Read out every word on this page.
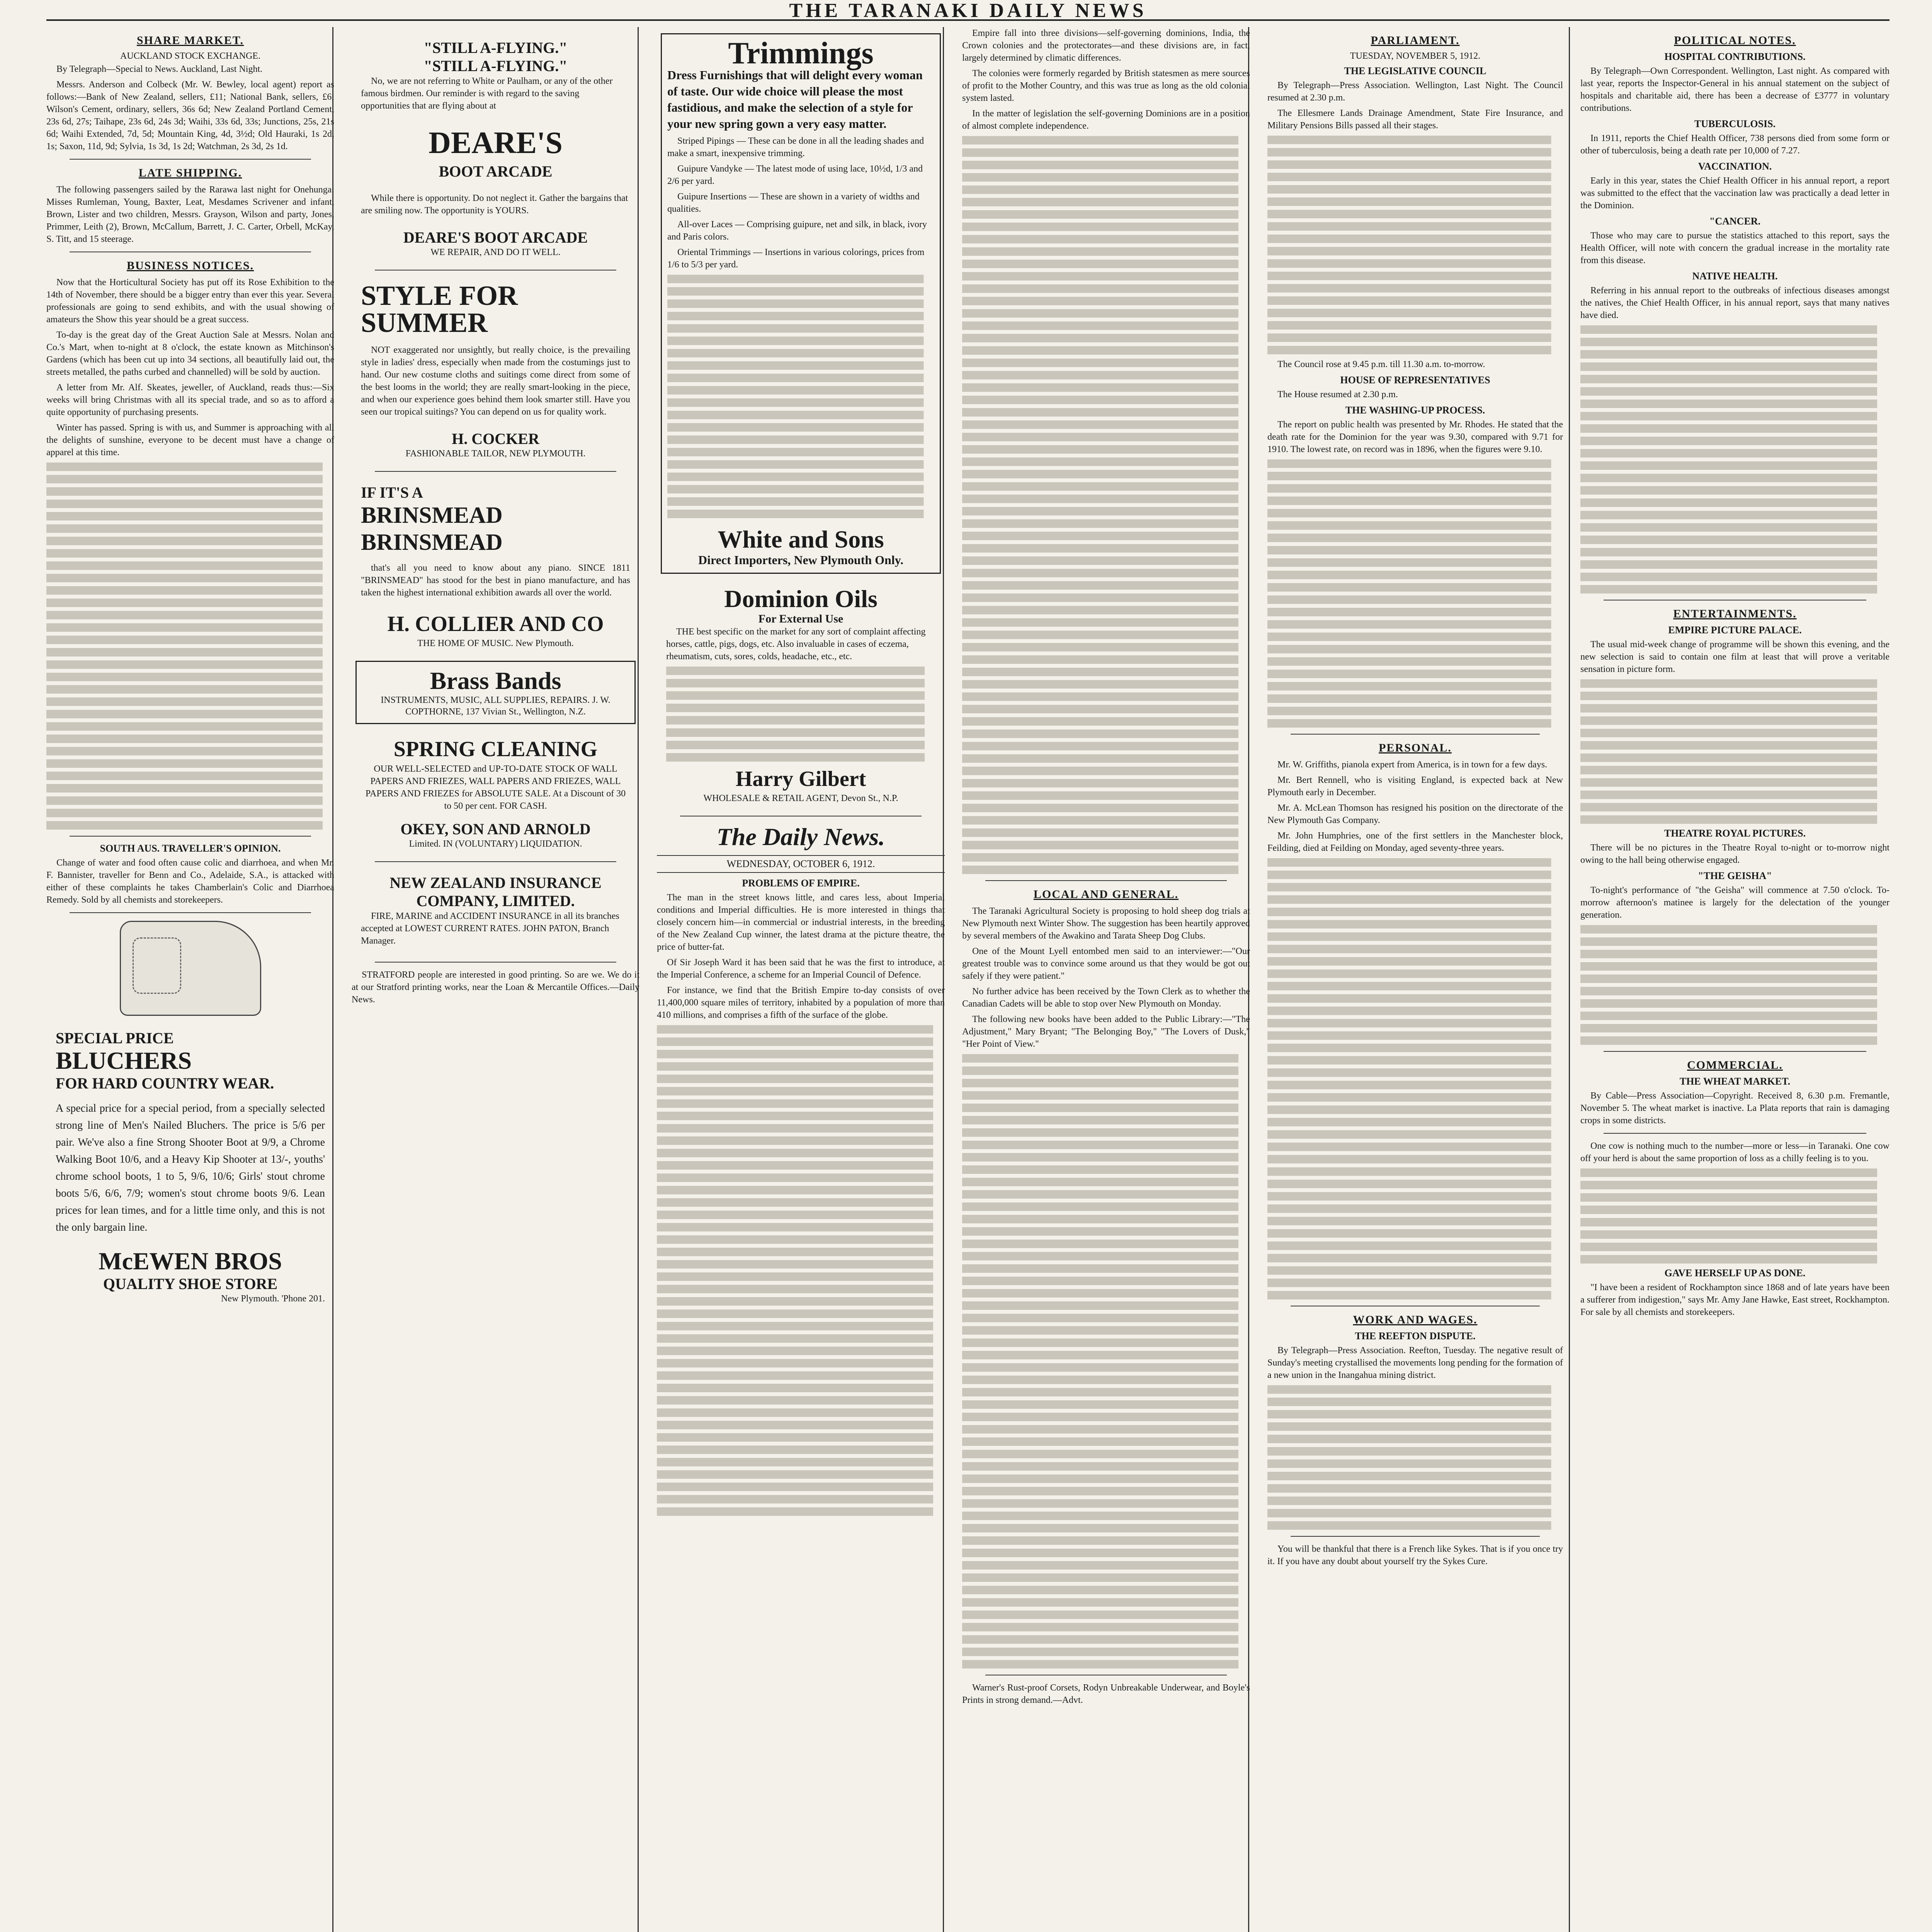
THE TARANAKI DAILY NEWS
SHARE MARKET.
AUCKLAND STOCK EXCHANGE.

By Telegraph—Special to News. Auckland, Last Night.

Messrs. Anderson and Colbeck (Mr. W. Bewley, local agent) report as follows:—Bank of New Zealand, sellers, £11; National Bank, sellers, £6; Wilson's Cement, ordinary, sellers, 36s 6d; New Zealand Portland Cement, 23s 6d, 27s; Taihape, 23s 6d, 24s 3d; Waihi, 33s 6d, 33s; Junctions, 25s, 21s 6d; Waihi Extended, 7d, 5d; Mountain King, 4d, 3½d; Old Hauraki, 1s 2d, 1s; Saxon, 11d, 9d; Sylvia, 1s 3d, 1s 2d; Watchman, 2s 3d, 2s 1d.

LATE SHIPPING.

The following passengers sailed by the Rarawa last night for Onehunga: Misses Rumleman, Young, Baxter, Leat, Mesdames Scrivener and infant, Brown, Lister and two children, Messrs. Grayson, Wilson and party, Jones, Primmer, Leith (2), Brown, McCallum, Barrett, J. C. Carter, Orbell, McKay, S. Titt, and 15 steerage.

BUSINESS NOTICES.

Now that the Horticultural Society has put off its Rose Exhibition to the 14th of November, there should be a bigger entry than ever this year. Several professionals are going to send exhibits, and with the usual showing of amateurs the Show this year should be a great success.

To-day is the great day of the Great Auction Sale at Messrs. Nolan and Co.'s Mart, when to-night at 8 o'clock, the estate known as Mitchinson's Gardens (which has been cut up into 34 sections, all beautifully laid out, the streets metalled, the paths curbed and channelled) will be sold by auction.

A letter from Mr. Alf. Skeates, jeweller, of Auckland, reads thus:—Six weeks will bring Christmas with all its special trade, and so as to afford a quite opportunity of purchasing presents.

Winter has passed. Spring is with us, and Summer is approaching with all the delights of sunshine, everyone to be decent must have a change of apparel at this time.

SOUTH AUS. TRAVELLER'S OPINION.

Change of water and food often cause colic and diarrhoea, and when Mr. F. Bannister, traveller for Benn and Co., Adelaide, S.A., is attacked with either of these complaints he takes Chamberlain's Colic and Diarrhoea Remedy. Sold by all chemists and storekeepers.

SPECIAL PRICE
BLUCHERS
FOR HARD COUNTRY WEAR.

A special price for a special period, from a specially selected strong line of Men's Nailed Bluchers. The price is 5/6 per pair. We've also a fine Strong Shooter Boot at 9/9, a Chrome Walking Boot 10/6, and a Heavy Kip Shooter at 13/-, youths' chrome school boots, 1 to 5, 9/6, 10/6; Girls' stout chrome boots 5/6, 6/6, 7/9; women's stout chrome boots 9/6. Lean prices for lean times, and for a little time only, and this is not the only bargain line.

McEWEN BROS
QUALITY SHOE STORE
New Plymouth. 'Phone 201.
"STILL A-FLYING."
"STILL A-FLYING."

No, we are not referring to White or Paulham, or any of the other famous birdmen. Our reminder is with regard to the saving opportunities that are flying about at

DEARE'S
BOOT ARCADE

While there is opportunity. Do not neglect it. Gather the bargains that are smiling now. The opportunity is YOURS.

DEARE'S BOOT ARCADE
WE REPAIR, AND DO IT WELL.
STYLE FOR SUMMER

NOT exaggerated nor unsightly, but really choice, is the prevailing style in ladies' dress, especially when made from the costumings just to hand. Our new costume cloths and suitings come direct from some of the best looms in the world; they are really smart-looking in the piece, and when our experience goes behind them look smarter still. Have you seen our tropical suitings? You can depend on us for quality work.

H. COCKER
FASHIONABLE TAILOR, NEW PLYMOUTH.
IF IT'S A
BRINSMEAD BRINSMEAD

that's all you need to know about any piano. SINCE 1811 "BRINSMEAD" has stood for the best in piano manufacture, and has taken the highest international exhibition awards all over the world.

H. COLLIER AND CO
THE HOME OF MUSIC. New Plymouth.
Brass Bands
INSTRUMENTS, MUSIC, ALL SUPPLIES, REPAIRS. J. W. COPTHORNE, 137 Vivian St., Wellington, N.Z.
SPRING CLEANING

OUR WELL-SELECTED and UP-TO-DATE STOCK OF WALL PAPERS AND FRIEZES, WALL PAPERS AND FRIEZES, WALL PAPERS AND FRIEZES for ABSOLUTE SALE. At a Discount of 30 to 50 per cent. FOR CASH.

OKEY, SON AND ARNOLD
Limited. IN (VOLUNTARY) LIQUIDATION.
NEW ZEALAND INSURANCE COMPANY, LIMITED.

FIRE, MARINE and ACCIDENT INSURANCE in all its branches accepted at LOWEST CURRENT RATES. JOHN PATON, Branch Manager.

STRATFORD people are interested in good printing. So are we. We do it at our Stratford printing works, near the Loan & Mercantile Offices.—Daily News.

Trimmings

Dress Furnishings that will delight every woman of taste. Our wide choice will please the most fastidious, and make the selection of a style for your new spring gown a very easy matter.

Striped Pipings — These can be done in all the leading shades and make a smart, inexpensive trimming.

Guipure Vandyke — The latest mode of using lace, 10½d, 1/3 and 2/6 per yard.

Guipure Insertions — These are shown in a variety of widths and qualities.

All-over Laces — Comprising guipure, net and silk, in black, ivory and Paris colors.

Oriental Trimmings — Insertions in various colorings, prices from 1/6 to 5/3 per yard.

White and Sons
Direct Importers, New Plymouth Only.
Dominion Oils
For External Use

THE best specific on the market for any sort of complaint affecting horses, cattle, pigs, dogs, etc. Also invaluable in cases of eczema, rheumatism, cuts, sores, colds, headache, etc., etc.

Harry Gilbert
WHOLESALE & RETAIL AGENT, Devon St., N.P.
The Daily News.
WEDNESDAY, OCTOBER 6, 1912.
PROBLEMS OF EMPIRE.

The man in the street knows little, and cares less, about Imperial conditions and Imperial difficulties. He is more interested in things that closely concern him—in commercial or industrial interests, in the breeding of the New Zealand Cup winner, the latest drama at the picture theatre, the price of butter-fat.

Of Sir Joseph Ward it has been said that he was the first to introduce, at the Imperial Conference, a scheme for an Imperial Council of Defence.

For instance, we find that the British Empire to-day consists of over 11,400,000 square miles of territory, inhabited by a population of more than 410 millions, and comprises a fifth of the surface of the globe.

Empire fall into three divisions—self-governing dominions, India, the Crown colonies and the protectorates—and these divisions are, in fact, largely determined by climatic differences.

The colonies were formerly regarded by British statesmen as mere sources of profit to the Mother Country, and this was true as long as the old colonial system lasted.

In the matter of legislation the self-governing Dominions are in a position of almost complete independence.

LOCAL AND GENERAL.

The Taranaki Agricultural Society is proposing to hold sheep dog trials at New Plymouth next Winter Show. The suggestion has been heartily approved by several members of the Awakino and Tarata Sheep Dog Clubs.

One of the Mount Lyell entombed men said to an interviewer:—"Our greatest trouble was to convince some around us that they would be got out safely if they were patient."

No further advice has been received by the Town Clerk as to whether the Canadian Cadets will be able to stop over New Plymouth on Monday.

The following new books have been added to the Public Library:—"The Adjustment," Mary Bryant; "The Belonging Boy," "The Lovers of Dusk," "Her Point of View."

Warner's Rust-proof Corsets, Rodyn Unbreakable Underwear, and Boyle's Prints in strong demand.—Advt.

PARLIAMENT.
TUESDAY, NOVEMBER 5, 1912.
THE LEGISLATIVE COUNCIL

By Telegraph—Press Association. Wellington, Last Night. The Council resumed at 2.30 p.m.

The Ellesmere Lands Drainage Amendment, State Fire Insurance, and Military Pensions Bills passed all their stages.

The Council rose at 9.45 p.m. till 11.30 a.m. to-morrow.

HOUSE OF REPRESENTATIVES

The House resumed at 2.30 p.m.

THE WASHING-UP PROCESS.

The report on public health was presented by Mr. Rhodes. He stated that the death rate for the Dominion for the year was 9.30, compared with 9.71 for 1910. The lowest rate, on record was in 1896, when the figures were 9.10.

PERSONAL.

Mr. W. Griffiths, pianola expert from America, is in town for a few days.

Mr. Bert Rennell, who is visiting England, is expected back at New Plymouth early in December.

Mr. A. McLean Thomson has resigned his position on the directorate of the New Plymouth Gas Company.

Mr. John Humphries, one of the first settlers in the Manchester block, Feilding, died at Feilding on Monday, aged seventy-three years.

WORK AND WAGES.
THE REEFTON DISPUTE.

By Telegraph—Press Association. Reefton, Tuesday. The negative result of Sunday's meeting crystallised the movements long pending for the formation of a new union in the Inangahua mining district.

You will be thankful that there is a French like Sykes. That is if you once try it. If you have any doubt about yourself try the Sykes Cure.

POLITICAL NOTES.
HOSPITAL CONTRIBUTIONS.

By Telegraph—Own Correspondent. Wellington, Last night. As compared with last year, reports the Inspector-General in his annual statement on the subject of hospitals and charitable aid, there has been a decrease of £3777 in voluntary contributions.

TUBERCULOSIS.

In 1911, reports the Chief Health Officer, 738 persons died from some form or other of tuberculosis, being a death rate per 10,000 of 7.27.

VACCINATION.

Early in this year, states the Chief Health Officer in his annual report, a report was submitted to the effect that the vaccination law was practically a dead letter in the Dominion.

"CANCER.

Those who may care to pursue the statistics attached to this report, says the Health Officer, will note with concern the gradual increase in the mortality rate from this disease.

NATIVE HEALTH.

Referring in his annual report to the outbreaks of infectious diseases amongst the natives, the Chief Health Officer, in his annual report, says that many natives have died.

ENTERTAINMENTS.
EMPIRE PICTURE PALACE.

The usual mid-week change of programme will be shown this evening, and the new selection is said to contain one film at least that will prove a veritable sensation in picture form.

THEATRE ROYAL PICTURES.

There will be no pictures in the Theatre Royal to-night or to-morrow night owing to the hall being otherwise engaged.

"THE GEISHA"

To-night's performance of "the Geisha" will commence at 7.50 o'clock. To-morrow afternoon's matinee is largely for the delectation of the younger generation.

COMMERCIAL.
THE WHEAT MARKET.

By Cable—Press Association—Copyright. Received 8, 6.30 p.m. Fremantle, November 5. The wheat market is inactive. La Plata reports that rain is damaging crops in some districts.

One cow is nothing much to the number—more or less—in Taranaki. One cow off your herd is about the same proportion of loss as a chilly feeling is to you.

GAVE HERSELF UP AS DONE.

"I have been a resident of Rockhampton since 1868 and of late years have been a sufferer from indigestion," says Mr. Amy Jane Hawke, East street, Rockhampton. For sale by all chemists and storekeepers.
